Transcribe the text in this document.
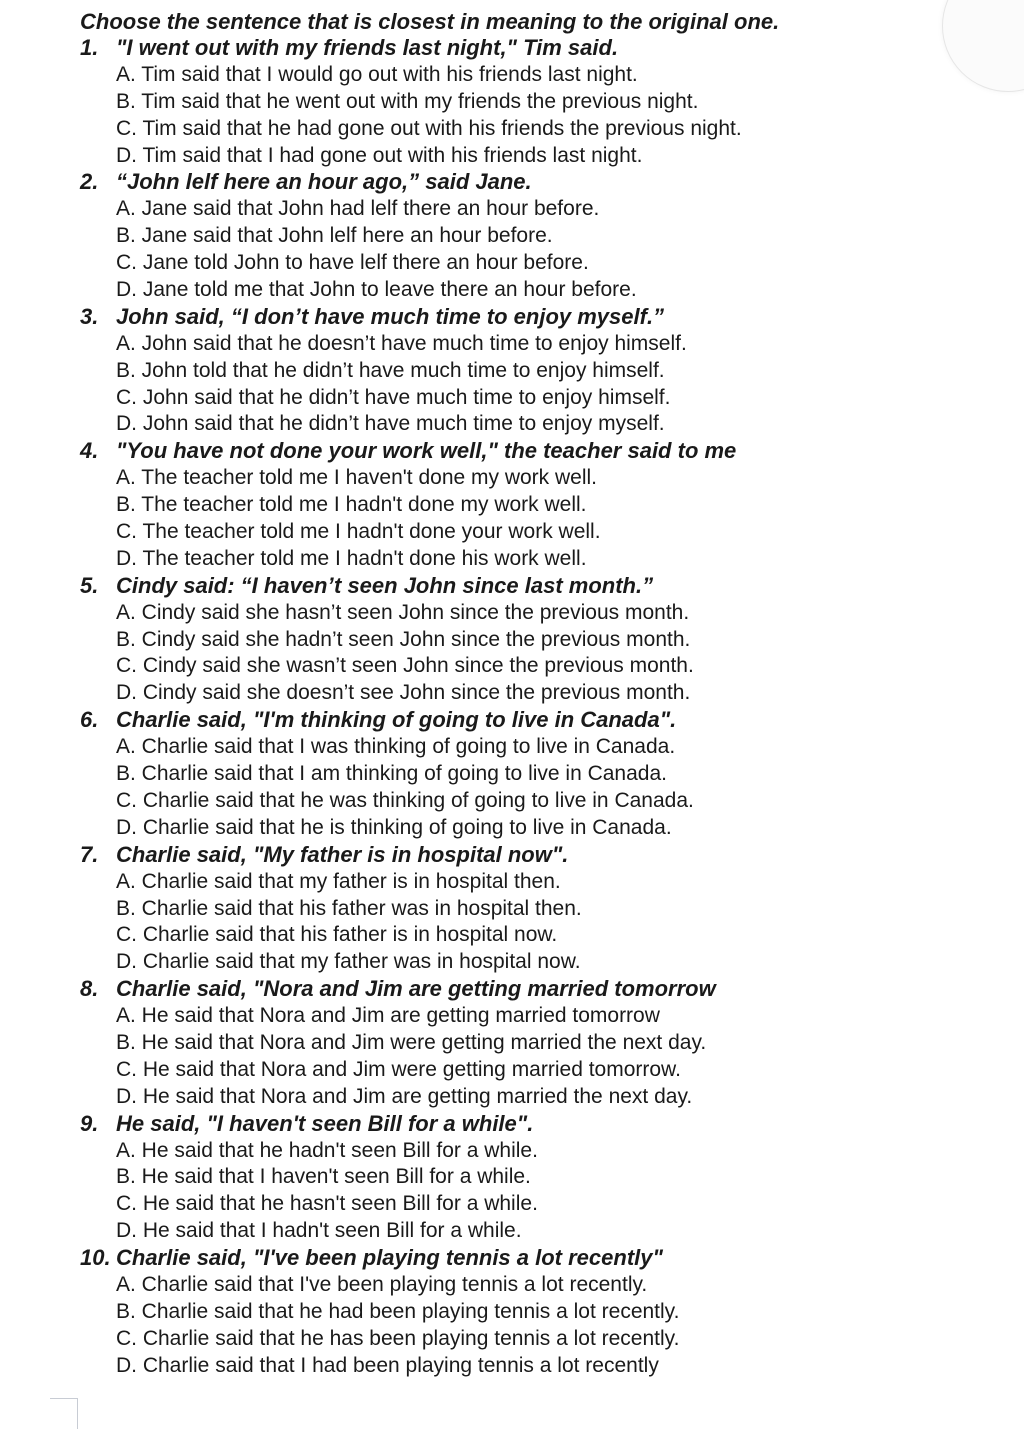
Choose the sentence that is closest in meaning to the original one.
1. "I went out with my friends last night," Tim said.
A. Tim said that I would go out with his friends last night.
B. Tim said that he went out with my friends the previous night.
C. Tim said that he had gone out with his friends the previous night.
D. Tim said that I had gone out with his friends last night.
2. “John lelf here an hour ago,” said Jane.
A. Jane said that John had lelf there an hour before.
B. Jane said that John lelf here an hour before.
C. Jane told John to have lelf there an hour before.
D. Jane told me that John to leave there an hour before.
3. John said, “I don’t have much time to enjoy myself.”
A. John said that he doesn’t have much time to enjoy himself.
B. John told that he didn’t have much time to enjoy himself.
C. John said that he didn’t have much time to enjoy himself.
D. John said that he didn’t have much time to enjoy myself.
4. "You have not done your work well," the teacher said to me
A. The teacher told me I haven't done my work well.
B. The teacher told me I hadn't done my work well.
C. The teacher told me I hadn't done your work well.
D. The teacher told me I hadn't done his work well.
5. Cindy said: “I haven’t seen John since last month.”
A. Cindy said she hasn’t seen John since the previous month.
B. Cindy said she hadn’t seen John since the previous month.
C. Cindy said she wasn’t seen John since the previous month.
D. Cindy said she doesn’t see John since the previous month.
6. Charlie said, "I'm thinking of going to live in Canada".
A. Charlie said that I was thinking of going to live in Canada.
B. Charlie said that I am thinking of going to live in Canada.
C. Charlie said that he was thinking of going to live in Canada.
D. Charlie said that he is thinking of going to live in Canada.
7. Charlie said, "My father is in hospital now".
A. Charlie said that my father is in hospital then.
B. Charlie said that his father was in hospital then.
C. Charlie said that his father is in hospital now.
D. Charlie said that my father was in hospital now.
8. Charlie said, "Nora and Jim are getting married tomorrow
A. He said that Nora and Jim are getting married tomorrow
B. He said that Nora and Jim were getting married the next day.
C. He said that Nora and Jim were getting married tomorrow.
D. He said that Nora and Jim are getting married the next day.
9. He said, "I haven't seen Bill for a while".
A. He said that he hadn't seen Bill for a while.
B. He said that I haven't seen Bill for a while.
C. He said that he hasn't seen Bill for a while.
D. He said that I hadn't seen Bill for a while.
10. Charlie said, "I've been playing tennis a lot recently"
A. Charlie said that I've been playing tennis a lot recently.
B. Charlie said that he had been playing tennis a lot recently.
C. Charlie said that he has been playing tennis a lot recently.
D. Charlie said that I had been playing tennis a lot recently
